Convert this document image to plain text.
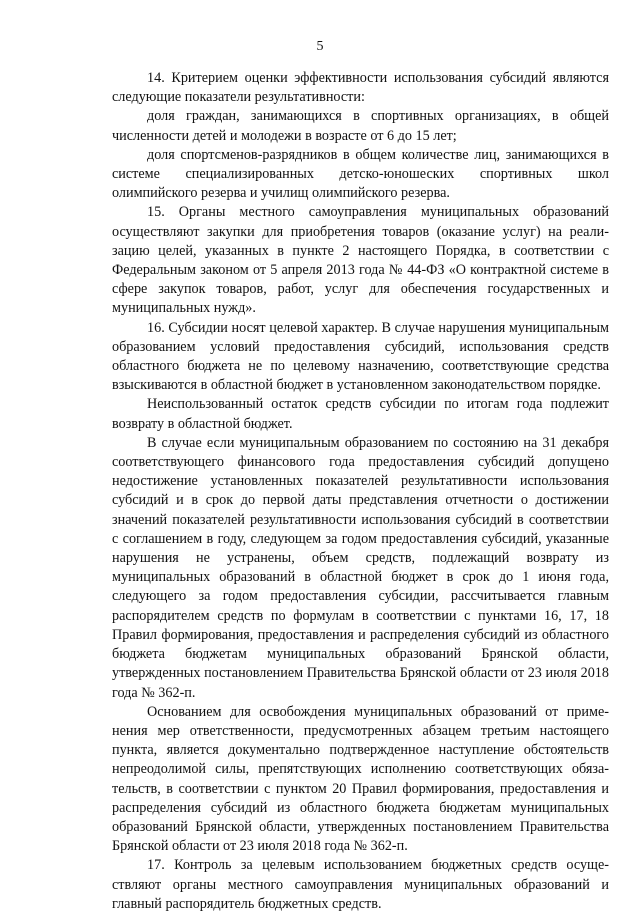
5

14. Критерием оценки эффективности использования субсидий являются следующие показатели результативности:

доля граждан, занимающихся в спортивных организациях, в общей численности детей и молодежи в возрасте от 6 до 15 лет;

доля спортсменов-разрядников в общем количестве лиц, занимающихся в системе специализированных детско-юношеских спортивных школ олимпийского резерва и училищ олимпийского резерва.

15. Органы местного самоуправления муниципальных образований осуществляют закупки для приобретения товаров (оказание услуг) на реализацию целей, указанных в пункте 2 настоящего Порядка, в соответствии с Федеральным законом от 5 апреля 2013 года № 44-ФЗ «О контрактной системе в сфере закупок товаров, работ, услуг для обеспечения государственных и муниципальных нужд».

16. Субсидии носят целевой характер. В случае нарушения муниципальным образованием условий предоставления субсидий, использования средств областного бюджета не по целевому назначению, соответствующие средства взыскиваются в областной бюджет в установленном законодательством порядке.

Неиспользованный остаток средств субсидии по итогам года подлежит возврату в областной бюджет.

В случае если муниципальным образованием по состоянию на 31 декабря соответствующего финансового года предоставления субсидий допущено недостижение установленных показателей результативности использования субсидий и в срок до первой даты представления отчетности о достижении значений показателей результативности использования субсидий в соответствии с соглашением в году, следующем за годом предоставления субсидий, указанные нарушения не устранены, объем средств, подлежащий возврату из муниципальных образований в областной бюджет в срок до 1 июня года, следующего за годом предоставления субсидии, рассчитывается главным распорядителем средств по формулам в соответствии с пунктами 16, 17, 18 Правил формирования, предоставления и распределения субсидий из областного бюджета бюджетам муниципальных образований Брянской области, утвержденных постановлением Правительства Брянской области от 23 июля 2018 года № 362-п.

Основанием для освобождения муниципальных образований от применения мер ответственности, предусмотренных абзацем третьим настоящего пункта, является документально подтвержденное наступление обстоятельств непреодолимой силы, препятствующих исполнению соответствующих обязательств, в соответствии с пунктом 20 Правил формирования, предоставления и распределения субсидий из областного бюджета бюджетам муниципальных образований Брянской области, утвержденных постановлением Правительства Брянской области от 23 июля 2018 года № 362-п.

17. Контроль за целевым использованием бюджетных средств осуществляют органы местного самоуправления муниципальных образований и главный распорядитель бюджетных средств.
